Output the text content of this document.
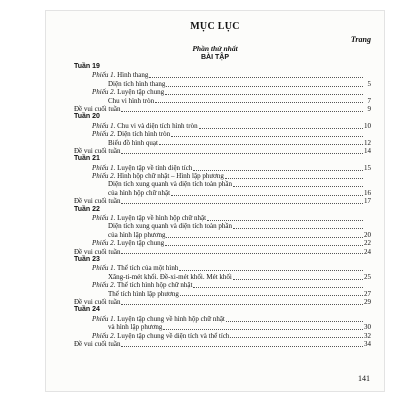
MỤC LỤC
Trang
Phần thứ nhất
BÀI TẬP
Tuần 19
Phiếu 1. Hình thang
Diện tích hình thang	5
Phiếu 2. Luyện tập chung
Chu vi hình tròn	7
Đề vui cuối tuần	9
Tuần 20
Phiếu 1. Chu vi và diện tích hình tròn	10
Phiếu 2. Diện tích hình tròn
Biểu đồ hình quạt	12
Đề vui cuối tuần	14
Tuần 21
Phiếu 1. Luyện tập về tính diện tích	15
Phiếu 2. Hình hộp chữ nhật – Hình lập phương
Diện tích xung quanh và diện tích toàn phần
của hình hộp chữ nhật	16
Đề vui cuối tuần	17
Tuần 22
Phiếu 1. Luyện tập về hình hộp chữ nhật
Diện tích xung quanh và diện tích toàn phần
của hình lập phương	20
Phiếu 2. Luyện tập chung	22
Đề vui cuối tuần	24
Tuần 23
Phiếu 1. Thể tích của một hình
Xăng-ti-mét khối. Đề-xi-mét khối. Mét khối	25
Phiếu 2. Thể tích hình hộp chữ nhật
Thể tích hình lập phương	27
Đề vui cuối tuần	29
Tuần 24
Phiếu 1. Luyện tập chung về hình hộp chữ nhật
và hình lập phương	30
Phiếu 2. Luyện tập chung về diện tích và thể tích	32
Đề vui cuối tuần	34
141
